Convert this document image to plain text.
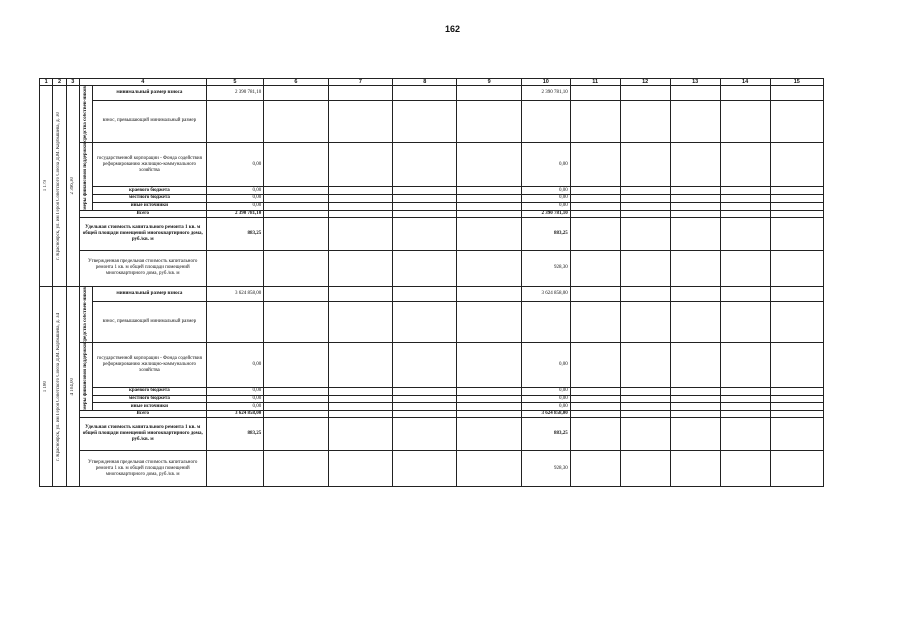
162
1	2	3	4		5	6	7	8	9	10	11	12	13	14	15

1 179	г. Красноярск, ул. им Героя Советского Союза Д.М. Карбышева, д. 30	2 396,30	средства собствен-ников	минимальный размер взноса	2 390 781,10					2 390 781,10					
				взнос, превышающий минимальный размер											

			меры финансовой поддержки	государственной корпорации - Фонда содействия реформированию жилищно-коммунального хозяйства	0,00					0,00					
				краевого бюджета	0,00					0,00					
				местного бюджета	0,00					0,00					
				иные источники	0,00					0,00					
			Всего		2 390 781,10					2 390 781,10					
			Удельная стоимость капитального ремонта 1 кв. м общей площади помещений многоквартирного дома, руб./кв. м		883,25					883,25					
			Утвержденная предельная стоимость капитального ремонта 1 кв. м общей площади помещений многоквартирного дома, руб./кв. м							928,30					

1 180	г. Красноярск, ул. им Героя Советского Союза Д.М. Карбышева, д. 34	4 104,00	средства собствен-ников	минимальный размер взноса	3 624 858,00					3 624 858,00					
				взнос, превышающий минимальный размер											

			меры финансовой поддержки	государственной корпорации - Фонда содействия реформированию жилищно-коммунального хозяйства	0,00					0,00					
				краевого бюджета	0,00					0,00					
				местного бюджета	0,00					0,00					
				иные источники	0,00					0,00					
			Всего		3 624 858,00					3 624 858,00					
			Удельная стоимость капитального ремонта 1 кв. м общей площади помещений многоквартирного дома, руб./кв. м		883,25					883,25					
			Утвержденная предельная стоимость капитального ремонта 1 кв. м общей площади помещений многоквартирного дома, руб./кв. м							928,30					
